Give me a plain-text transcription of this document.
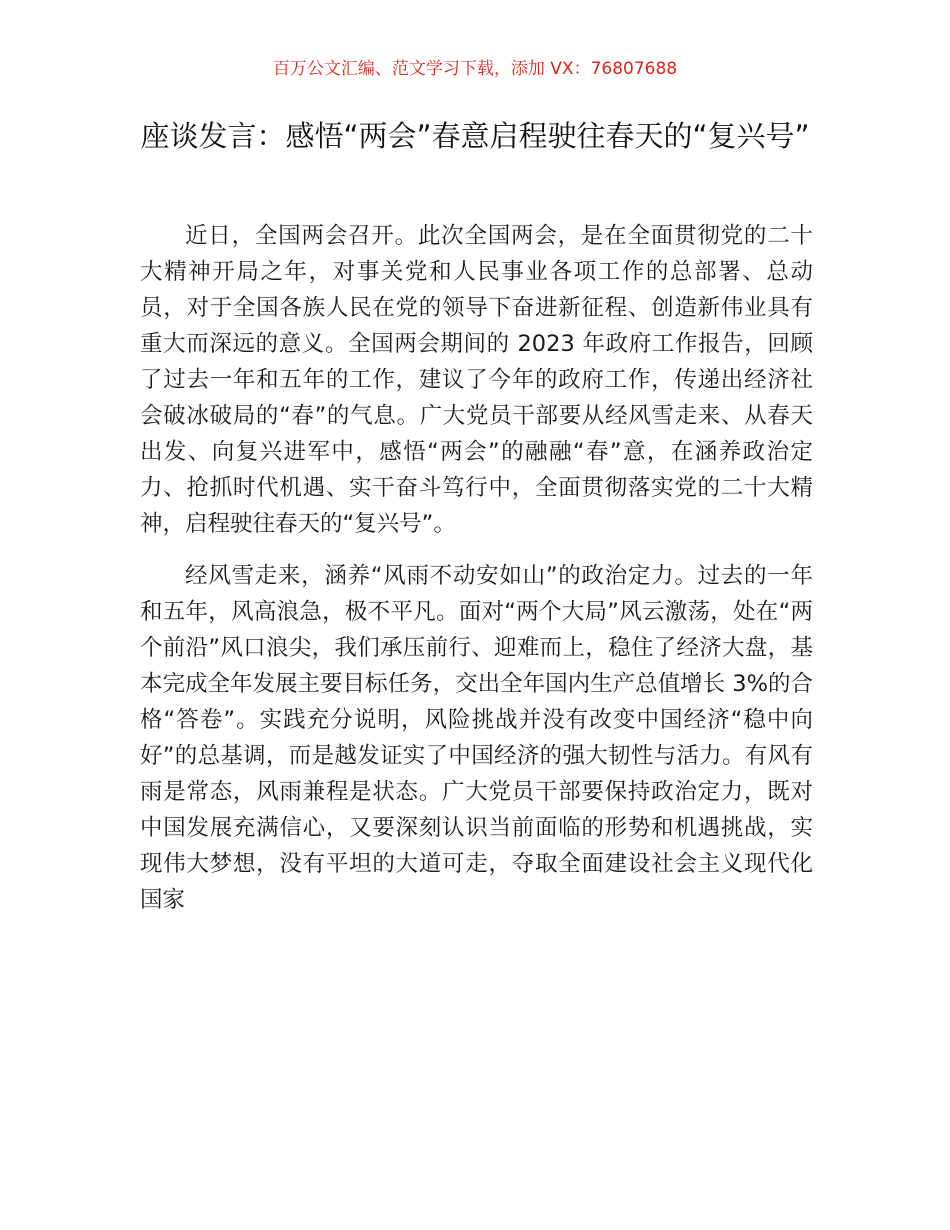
百万公文汇编、范文学习下载，添加 VX：76807688
座谈发言：感悟“两会”春意启程驶往春天的“复兴号”

近日，全国两会召开。此次全国两会，是在全面贯彻党的二十大精神开局之年，对事关党和人民事业各项工作的总部署、总动员，对于全国各族人民在党的领导下奋进新征程、创造新伟业具有重大而深远的意义。全国两会期间的 2023 年政府工作报告，回顾了过去一年和五年的工作，建议了今年的政府工作，传递出经济社会破冰破局的“春”的气息。广大党员干部要从经风雪走来、从春天出发、向复兴进军中，感悟“两会”的融融“春”意，在涵养政治定力、抢抓时代机遇、实干奋斗笃行中，全面贯彻落实党的二十大精神，启程驶往春天的“复兴号”。

经风雪走来，涵养“风雨不动安如山”的政治定力。过去的一年和五年，风高浪急，极不平凡。面对“两个大局”风云激荡，处在“两个前沿”风口浪尖，我们承压前行、迎难而上，稳住了经济大盘，基本完成全年发展主要目标任务，交出全年国内生产总值增长 3%的合格“答卷”。实践充分说明，风险挑战并没有改变中国经济“稳中向好”的总基调，而是越发证实了中国经济的强大韧性与活力。有风有雨是常态，风雨兼程是状态。广大党员干部要保持政治定力，既对中国发展充满信心，又要深刻认识当前面临的形势和机遇挑战，实现伟大梦想，没有平坦的大道可走，夺取全面建设社会主义现代化国家
